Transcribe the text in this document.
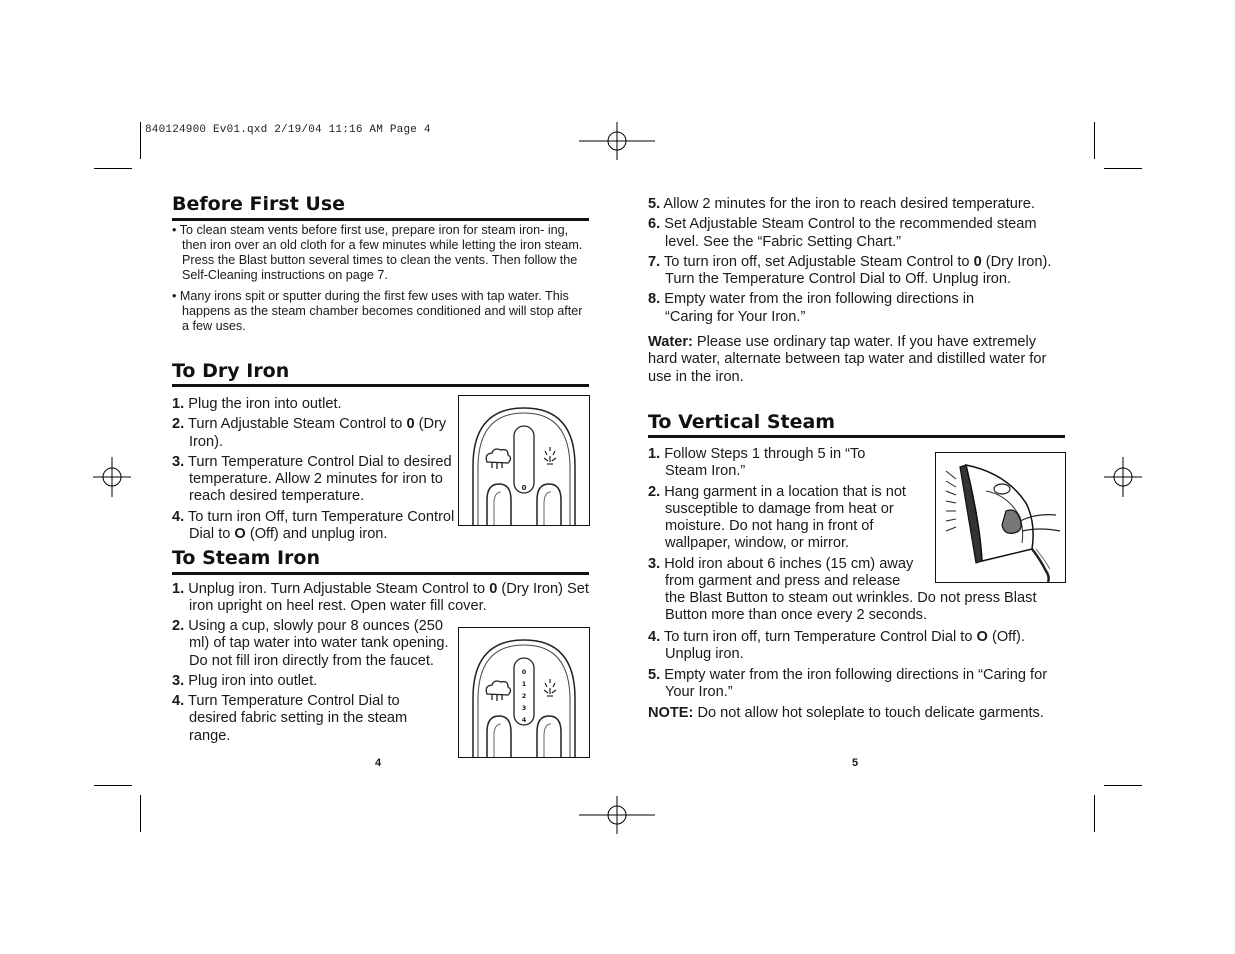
840124900 Ev01.qxd 2/19/04 11:16 AM Page 4
Before First Use

• To clean steam vents before first use, prepare iron for steam iron- ing, then iron over an old cloth for a few minutes while letting the iron steam. Press the Blast button several times to clean the vents. Then follow the Self-Cleaning instructions on page 7.

• Many irons spit or sputter during the first few uses with tap water. This happens as the steam chamber becomes conditioned and will stop after a few uses.

To Dry Iron

1. Plug the iron into outlet.

2. Turn Adjustable Steam Control to 0 (Dry Iron).

3. Turn Temperature Control Dial to desired temperature. Allow 2 minutes for iron to reach desired temperature.

4. To turn iron Off, turn Temperature Control Dial to O (Off) and unplug iron.

0
To Steam Iron

1. Unplug iron. Turn Adjustable Steam Control to 0 (Dry Iron) Set iron upright on heel rest. Open water fill cover.

2. Using a cup, slowly pour 8 ounces (250 ml) of tap water into water tank opening. Do not fill iron directly from the faucet.

3. Plug iron into outlet.

4. Turn Temperature Control Dial to desired fabric setting in the steam range.

0
1
2
3
4
4

5. Allow 2 minutes for the iron to reach desired temperature.

6. Set Adjustable Steam Control to the recommended steam level. See the “Fabric Setting Chart.”

7. To turn iron off, set Adjustable Steam Control to 0 (Dry Iron). Turn the Temperature Control Dial to Off. Unplug iron.

8. Empty water from the iron following directions in “Caring for Your Iron.”

Water: Please use ordinary tap water. If you have extremely hard water, alternate between tap water and distilled water for use in the iron.

To Vertical Steam

1. Follow Steps 1 through 5 in “To Steam Iron.”

2. Hang garment in a location that is not susceptible to damage from heat or moisture. Do not hang in front of wallpaper, window, or mirror.

3. Hold iron about 6 inches (15 cm) away from garment and press and release

the Blast Button to steam out wrinkles. Do not press Blast Button more than once every 2 seconds.

4. To turn iron off, turn Temperature Control Dial to O (Off). Unplug iron.

5. Empty water from the iron following directions in “Caring for Your Iron.”

NOTE: Do not allow hot soleplate to touch delicate garments.

5
